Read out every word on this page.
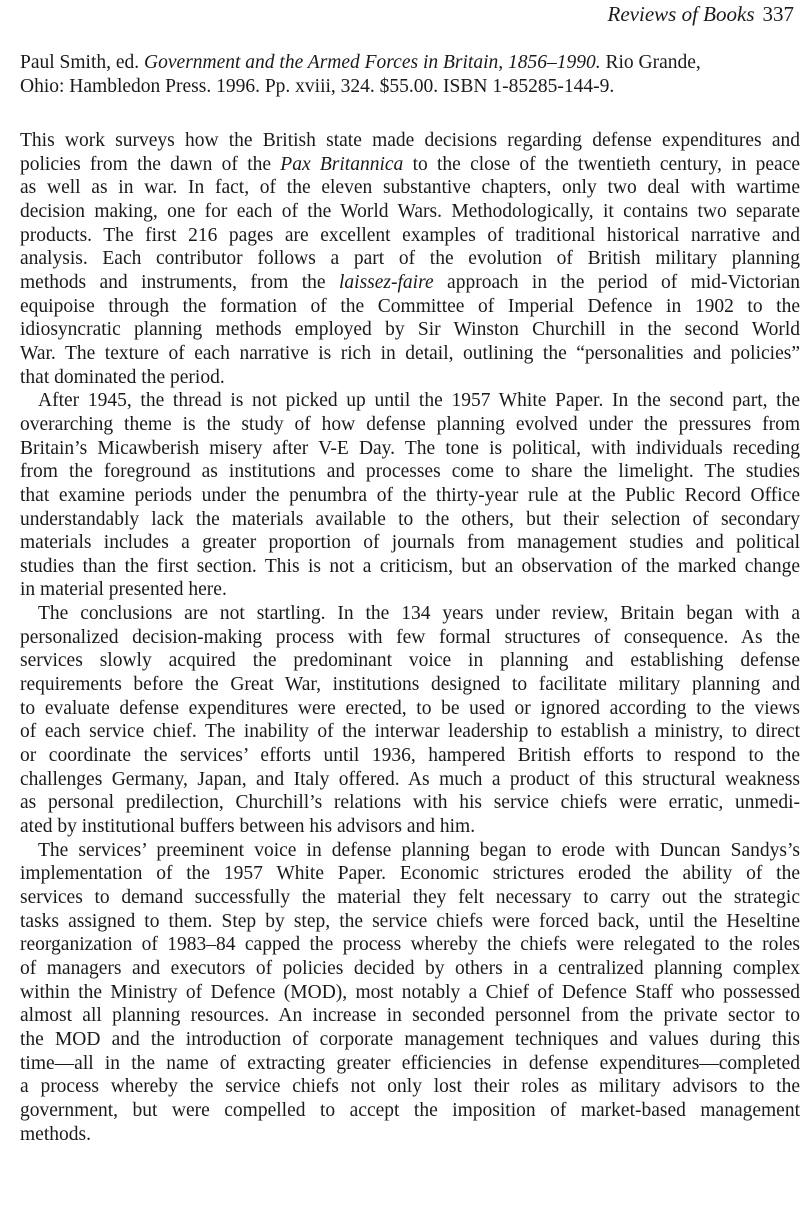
Reviews of Books 337
Paul Smith, ed. Government and the Armed Forces in Britain, 1856–1990. Rio Grande,
Ohio: Hambledon Press. 1996. Pp. xviii, 324. $55.00. ISBN 1-85285-144-9.

This work surveys how the British state made decisions regarding defense expenditures and
policies from the dawn of the Pax Britannica to the close of the twentieth century, in peace
as well as in war. In fact, of the eleven substantive chapters, only two deal with wartime
decision making, one for each of the World Wars. Methodologically, it contains two separate
products. The first 216 pages are excellent examples of traditional historical narrative and
analysis. Each contributor follows a part of the evolution of British military planning
methods and instruments, from the laissez-faire approach in the period of mid-Victorian
equipoise through the formation of the Committee of Imperial Defence in 1902 to the
idiosyncratic planning methods employed by Sir Winston Churchill in the second World
War. The texture of each narrative is rich in detail, outlining the “personalities and policies”
that dominated the period.

After 1945, the thread is not picked up until the 1957 White Paper. In the second part, the
overarching theme is the study of how defense planning evolved under the pressures from
Britain’s Micawberish misery after V-E Day. The tone is political, with individuals receding
from the foreground as institutions and processes come to share the limelight. The studies
that examine periods under the penumbra of the thirty-year rule at the Public Record Office
understandably lack the materials available to the others, but their selection of secondary
materials includes a greater proportion of journals from management studies and political
studies than the first section. This is not a criticism, but an observation of the marked change
in material presented here.

The conclusions are not startling. In the 134 years under review, Britain began with a
personalized decision-making process with few formal structures of consequence. As the
services slowly acquired the predominant voice in planning and establishing defense
requirements before the Great War, institutions designed to facilitate military planning and
to evaluate defense expenditures were erected, to be used or ignored according to the views
of each service chief. The inability of the interwar leadership to establish a ministry, to direct
or coordinate the services’ efforts until 1936, hampered British efforts to respond to the
challenges Germany, Japan, and Italy offered. As much a product of this structural weakness
as personal predilection, Churchill’s relations with his service chiefs were erratic, unmedi-
ated by institutional buffers between his advisors and him.

The services’ preeminent voice in defense planning began to erode with Duncan Sandys’s
implementation of the 1957 White Paper. Economic strictures eroded the ability of the
services to demand successfully the material they felt necessary to carry out the strategic
tasks assigned to them. Step by step, the service chiefs were forced back, until the Heseltine
reorganization of 1983–84 capped the process whereby the chiefs were relegated to the roles
of managers and executors of policies decided by others in a centralized planning complex
within the Ministry of Defence (MOD), most notably a Chief of Defence Staff who possessed
almost all planning resources. An increase in seconded personnel from the private sector to
the MOD and the introduction of corporate management techniques and values during this
time—all in the name of extracting greater efficiencies in defense expenditures—completed
a process whereby the service chiefs not only lost their roles as military advisors to the
government, but were compelled to accept the imposition of market-based management
methods.
